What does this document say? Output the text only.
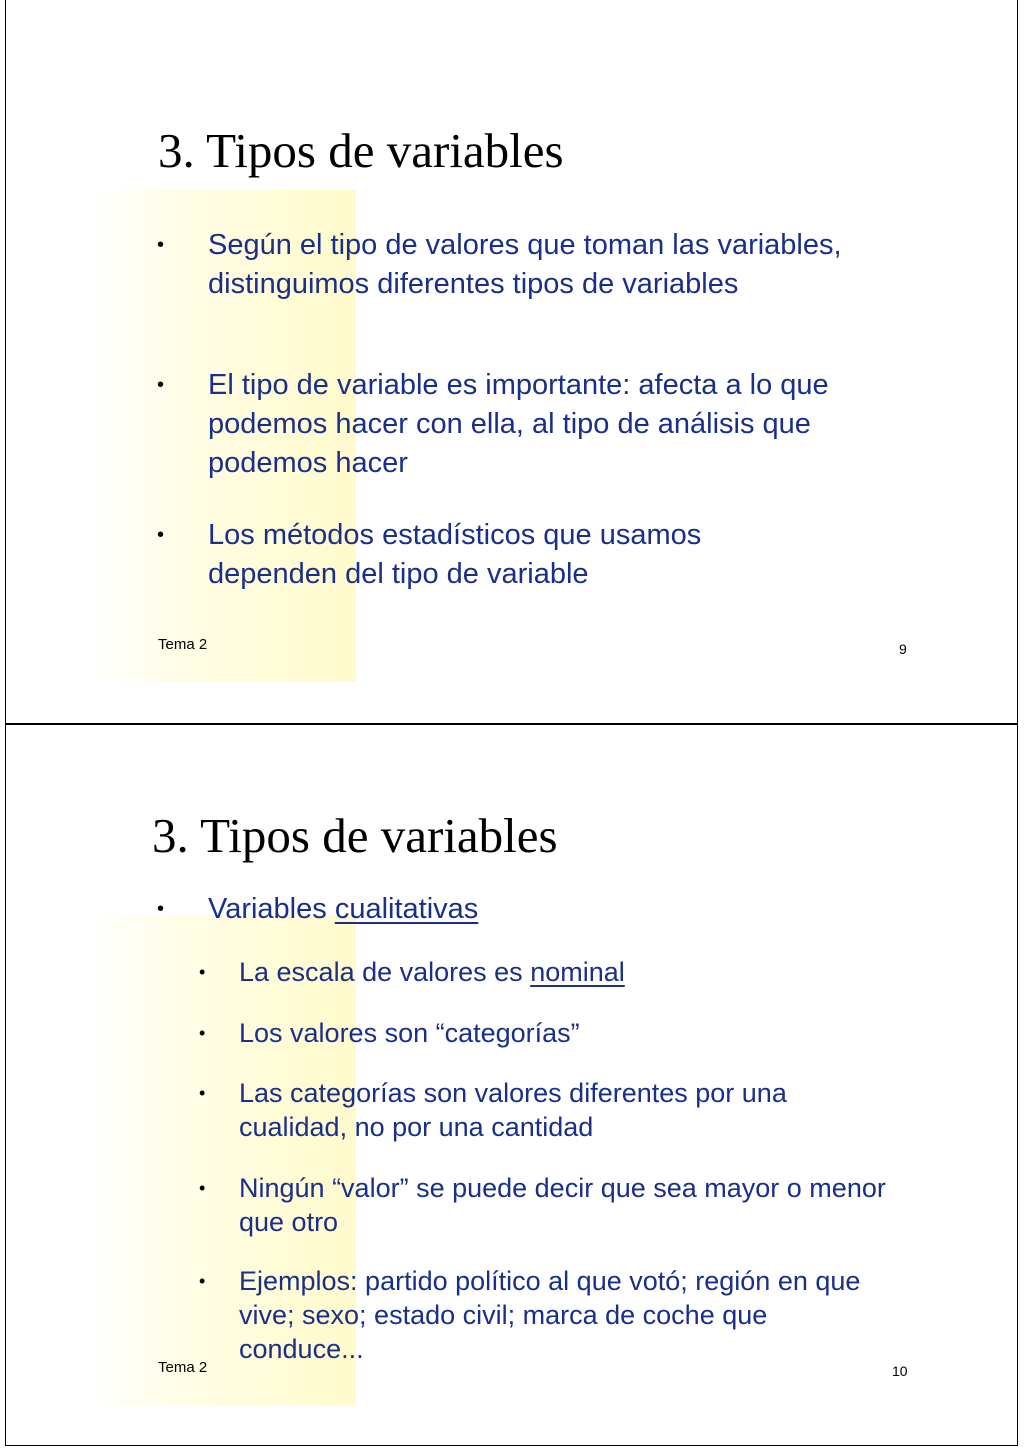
3. Tipos de variables
• Según el tipo de valores que toman las variables, distinguimos diferentes tipos de variables
• El tipo de variable es importante: afecta a lo que podemos hacer con ella, al tipo de análisis que podemos hacer
• Los métodos estadísticos que usamos dependen del tipo de variable
Tema 2	9
3. Tipos de variables
• Variables cualitativas
• La escala de valores es nominal
• Los valores son “categorías”
• Las categorías son valores diferentes por una cualidad, no por una cantidad
• Ningún “valor” se puede decir que sea mayor o menor que otro
• Ejemplos: partido político al que votó; región en que vive; sexo; estado civil; marca de coche que conduce...
Tema 2	10
